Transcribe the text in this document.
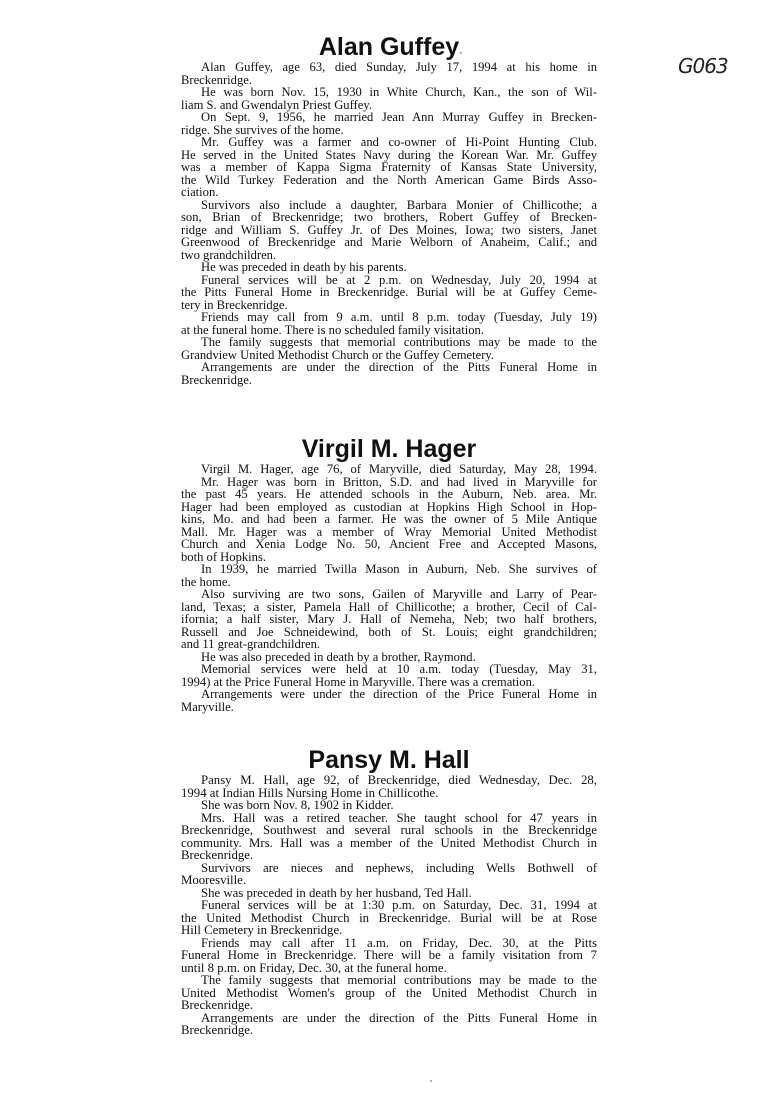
G063
Alan Guffey
Alan Guffey, age 63, died Sunday, July 17, 1994 at his home in
Breckenridge.
He was born Nov. 15, 1930 in White Church, Kan., the son of Wil-
liam S. and Gwendalyn Priest Guffey.
On Sept. 9, 1956, he married Jean Ann Murray Guffey in Brecken-
ridge. She survives of the home.
Mr. Guffey was a farmer and co-owner of Hi-Point Hunting Club.
He served in the United States Navy during the Korean War. Mr. Guffey
was a member of Kappa Sigma Fraternity of Kansas State University,
the Wild Turkey Federation and the North American Game Birds Asso-
ciation.
Survivors also include a daughter, Barbara Monier of Chillicothe; a
son, Brian of Breckenridge; two brothers, Robert Guffey of Brecken-
ridge and William S. Guffey Jr. of Des Moines, Iowa; two sisters, Janet
Greenwood of Breckenridge and Marie Welborn of Anaheim, Calif.; and
two grandchildren.
He was preceded in death by his parents.
Funeral services will be at 2 p.m. on Wednesday, July 20, 1994 at
the Pitts Funeral Home in Breckenridge. Burial will be at Guffey Ceme-
tery in Breckenridge.
Friends may call from 9 a.m. until 8 p.m. today (Tuesday, July 19)
at the funeral home. There is no scheduled family visitation.
The family suggests that memorial contributions may be made to the
Grandview United Methodist Church or the Guffey Cemetery.
Arrangements are under the direction of the Pitts Funeral Home in
Breckenridge.
Virgil M. Hager
Virgil M. Hager, age 76, of Maryville, died Saturday, May 28, 1994.
Mr. Hager was born in Britton, S.D. and had lived in Maryville for
the past 45 years. He attended schools in the Auburn, Neb. area. Mr.
Hager had been employed as custodian at Hopkins High School in Hop-
kins, Mo. and had been a farmer. He was the owner of 5 Mile Antique
Mall. Mr. Hager was a member of Wray Memorial United Methodist
Church and Xenia Lodge No. 50, Ancient Free and Accepted Masons,
both of Hopkins.
In 1939, he married Twilla Mason in Auburn, Neb. She survives of
the home.
Also surviving are two sons, Gailen of Maryville and Larry of Pear-
land, Texas; a sister, Pamela Hall of Chillicothe; a brother, Cecil of Cal-
ifornia; a half sister, Mary J. Hall of Nemeha, Neb; two half brothers,
Russell and Joe Schneidewind, both of St. Louis; eight grandchildren;
and 11 great-grandchildren.
He was also preceded in death by a brother, Raymond.
Memorial services were held at 10 a.m. today (Tuesday, May 31,
1994) at the Price Funeral Home in Maryville. There was a cremation.
Arrangements were under the direction of the Price Funeral Home in
Maryville.
Pansy M. Hall
Pansy M. Hall, age 92, of Breckenridge, died Wednesday, Dec. 28,
1994 at Indian Hills Nursing Home in Chillicothe.
She was born Nov. 8, 1902 in Kidder.
Mrs. Hall was a retired teacher. She taught school for 47 years in
Breckenridge, Southwest and several rural schools in the Breckenridge
community. Mrs. Hall was a member of the United Methodist Church in
Breckenridge.
Survivors are nieces and nephews, including Wells Bothwell of
Mooresville.
She was preceded in death by her husband, Ted Hall.
Funeral services will be at 1:30 p.m. on Saturday, Dec. 31, 1994 at
the United Methodist Church in Breckenridge. Burial will be at Rose
Hill Cemetery in Breckenridge.
Friends may call after 11 a.m. on Friday, Dec. 30, at the Pitts
Funeral Home in Breckenridge. There will be a family visitation from 7
until 8 p.m. on Friday, Dec. 30, at the funeral home.
The family suggests that memorial contributions may be made to the
United Methodist Women's group of the United Methodist Church in
Breckenridge.
Arrangements are under the direction of the Pitts Funeral Home in
Breckenridge.
